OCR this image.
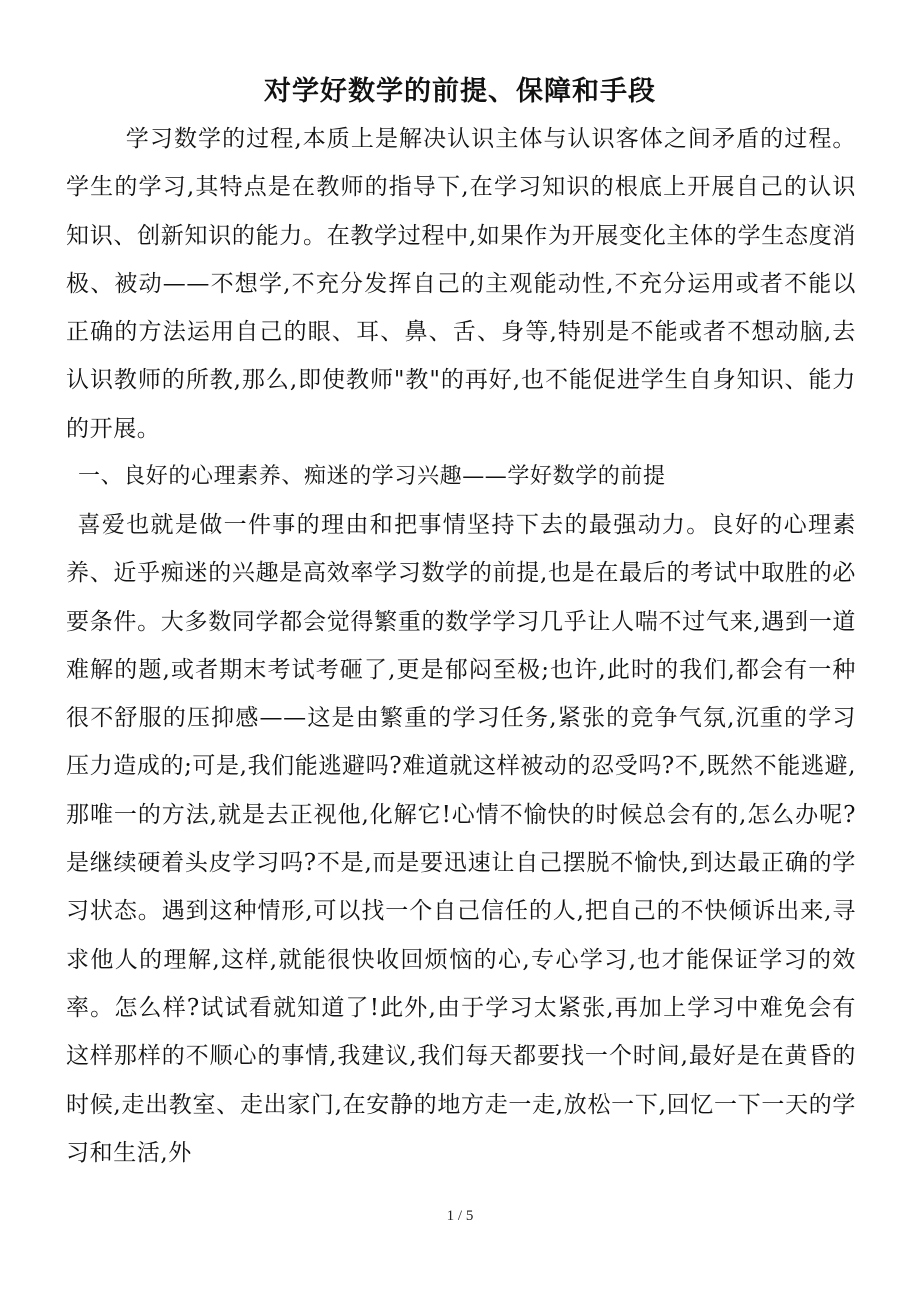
对学好数学的前提、保障和手段

学习数学的过程,本质上是解决认识主体与认识客体之间矛盾的过程。学生的学习,其特点是在教师的指导下,在学习知识的根底上开展自己的认识知识、创新知识的能力。在教学过程中,如果作为开展变化主体的学生态度消极、被动——不想学,不充分发挥自己的主观能动性,不充分运用或者不能以正确的方法运用自己的眼、耳、鼻、舌、身等,特别是不能或者不想动脑,去认识教师的所教,那么,即使教师"教"的再好,也不能促进学生自身知识、能力的开展。

一、良好的心理素养、痴迷的学习兴趣——学好数学的前提

喜爱也就是做一件事的理由和把事情坚持下去的最强动力。良好的心理素养、近乎痴迷的兴趣是高效率学习数学的前提,也是在最后的考试中取胜的必要条件。大多数同学都会觉得繁重的数学学习几乎让人喘不过气来,遇到一道难解的题,或者期末考试考砸了,更是郁闷至极;也许,此时的我们,都会有一种很不舒服的压抑感——这是由繁重的学习任务,紧张的竞争气氛,沉重的学习压力造成的;可是,我们能逃避吗?难道就这样被动的忍受吗?不,既然不能逃避,那唯一的方法,就是去正视他,化解它!心情不愉快的时候总会有的,怎么办呢?是继续硬着头皮学习吗?不是,而是要迅速让自己摆脱不愉快,到达最正确的学习状态。遇到这种情形,可以找一个自己信任的人,把自己的不快倾诉出来,寻求他人的理解,这样,就能很快收回烦恼的心,专心学习,也才能保证学习的效率。怎么样?试试看就知道了!此外,由于学习太紧张,再加上学习中难免会有这样那样的不顺心的事情,我建议,我们每天都要找一个时间,最好是在黄昏的时候,走出教室、走出家门,在安静的地方走一走,放松一下,回忆一下一天的学习和生活,外

1 / 5
